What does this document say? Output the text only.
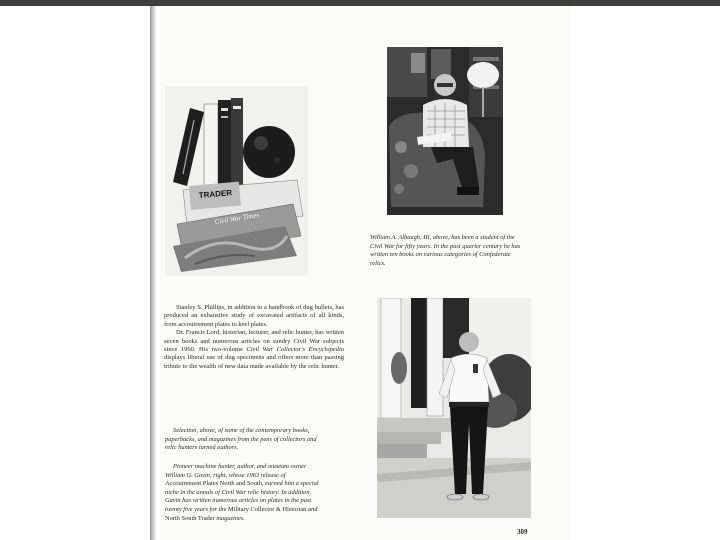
TRADER
Civil War Times
William A. Albaugh, III, above, has been a student of the
Civil War for fifty years. In the past quarter century he has
written ten books on various categories of Confederate
relics.

Stanley S. Phillips, in addition to a handbook of dug bullets, has produced an exhaustive study of excavated artifacts of all kinds, from accoutrement plates to keel plates.

Dr. Francis Lord, historian, lecturer, and relic hunter, has written seven books and numerous articles on sundry Civil War subjects since 1960. His two-volume Civil War Collector's Encyclopedia displays liberal use of dug specimens and offers more than passing tribute to the wealth of new data made available by the relic hunter.

Selection, above, of some of the contemporary books,
paperbacks, and magazines from the pens of collectors and
relic hunters turned authors.
Pioneer machine hunter, author, and museum owner
William G. Gavin, right, whose 1963 release of
Accoutrement Plates North and South, earned him a special
niche in the annals of Civil War relic history. In addition,
Gavin has written numerous articles on plates in the past
twenty five years for the Military Collector & Historian and
North South Trader magazines.
309
